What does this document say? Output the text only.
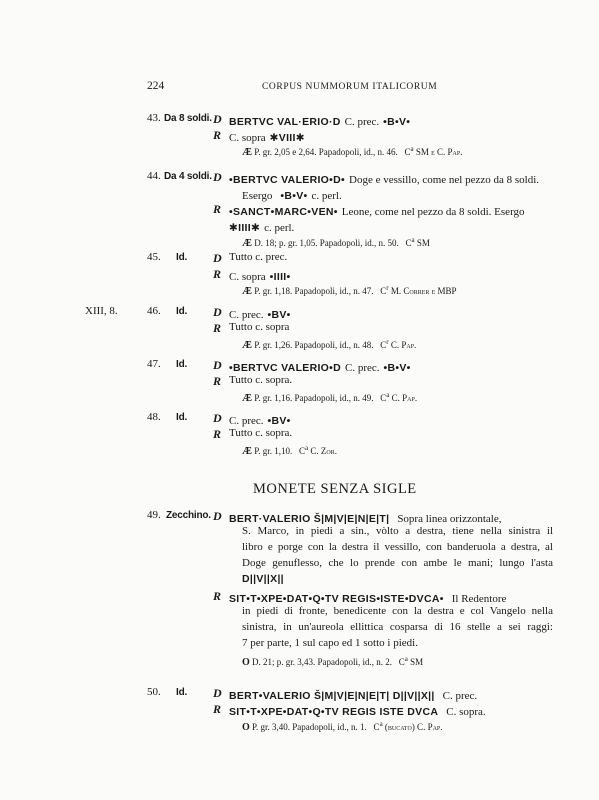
224	CORPUS NUMMORUM ITALICORUM
43. Da 8 soldi. D BERTVC VAL·ERIO·D C. prec. •B•V•
R C. sopra ✱VIII✱
Æ P. gr. 2,05 e 2,64. Papadopoli, id., n. 46. $C^a$ SM e C. Pap.
44. Da 4 soldi. D •BERTVC VALERIO•D• Doge e vessillo, come nel pezzo da 8 soldi.
Esergo •B•V• c. perl.
R •SANCT•MARC•VEN• Leone, come nel pezzo da 8 soldi. Esergo
✱IIII✱ c. perl.
Æ D. 18; p. gr. 1,05. Papadopoli, id., n. 50. $C^a$ SM
45. Id. D Tutto c. prec.
R C. sopra •IIII•
Æ P. gr. 1,18. Papadopoli, id., n. 47. $C^r$ M. Correr e MBP
XIII, 8.	46. Id. D C. prec. •BV•
R Tutto c. sopra
Æ P. gr. 1,26. Papadopoli, id., n. 48. $C^r$ C. Pap.
47. Id. D •BERTVC VALERIO•D C. prec. •B•V•
R Tutto c. sopra.
Æ P. gr. 1,16. Papadopoli, id., n. 49. $C^a$ C. Pap.
48. Id. D C. prec. •BV•
R Tutto c. sopra.
Æ P. gr. 1,10. $C^a$ C. Zor.
MONETE SENZA SIGLE
49. Zecchino. D BERT·VALERIO Š|M|V|E|N|E|T| Sopra linea orizzontale,
S. Marco, in piedi a sin., vòlto a destra, tiene nella sinistra il
libro e porge con la destra il vessillo, con banderuola a destra, al
Doge genuflesso, che lo prende con ambe le mani; lungo l'asta
D||V||X||
R SIT•T•XPE•DAT•Q•TV REGIS•ISTE•DVCA• Il Redentore
in piedi di fronte, benedicente con la destra e col Vangelo nella
sinistra, in un'aureola ellittica cosparsa di 16 stelle a sei raggi:
7 per parte, 1 sul capo ed 1 sotto i piedi.
O D. 21; p. gr. 3,43. Papadopoli, id., n. 2. $C^a$ SM
50. Id. D BERT•VALERIO Š|M|V|E|N|E|T| D||V||X|| C. prec.
R SIT•T•XPE•DAT•Q•TV REGIS ISTE DVCA C. sopra.
O P. gr. 3,40. Papadopoli, id., n. 1. $C^a$ (bucato) C. Pap.
